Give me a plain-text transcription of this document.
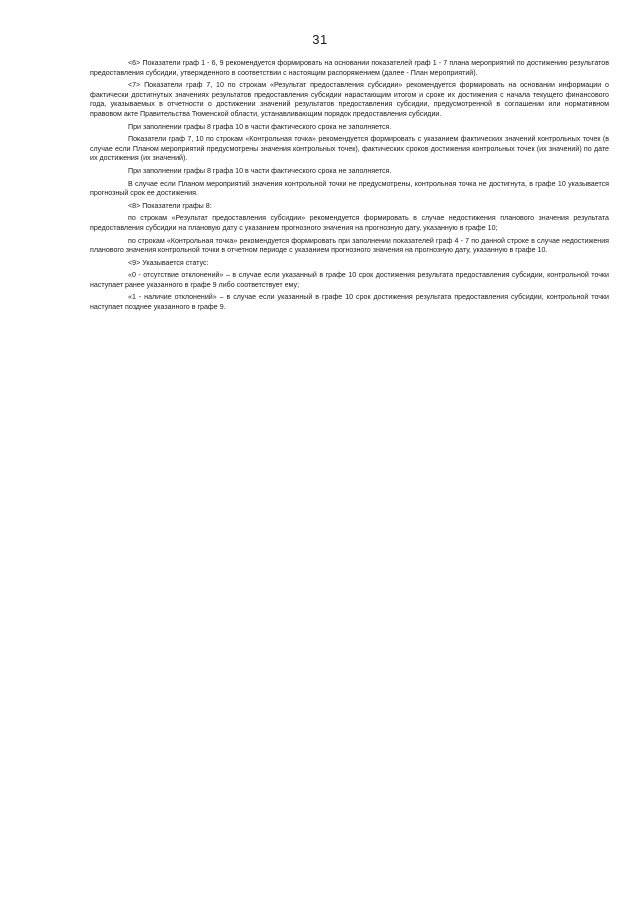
31

<6> Показатели граф 1 - 6, 9 рекомендуется формировать на основании показателей граф 1 - 7 плана мероприятий по достижению результатов предоставления субсидии, утвержденного в соответствии с настоящим распоряжением (далее - План мероприятий).

<7> Показатели граф 7, 10 по строкам «Результат предоставления субсидии» рекомендуется формировать на основании информации о фактически достигнутых значениях результатов предоставления субсидии нарастающим итогом и сроке их достижения с начала текущего финансового года, указываемых в отчетности о достижении значений результатов предоставления субсидии, предусмотренной в соглашении или нормативном правовом акте Правительства Тюменской области, устанавливающим порядок предоставления субсидии.

При заполнении графы 8 графа 10 в части фактического срока не заполняется.

Показатели граф 7, 10 по строкам «Контрольная точка» рекомендуется формировать с указанием фактических значений контрольных точек (в случае если Планом мероприятий предусмотрены значения контрольных точек), фактических сроков достижения контрольных точек (их значений) по дате их достижения (их значений).

При заполнении графы 8 графа 10 в части фактического срока не заполняется.

В случае если Планом мероприятий значения контрольной точки не предусмотрены, контрольная точка не достигнута, в графе 10 указывается прогнозный срок ее достижения.

<8> Показатели графы 8:

по строкам «Результат предоставления субсидии» рекомендуется формировать в случае недостижения планового значения результата предоставления субсидии на плановую дату с указанием прогнозного значения на прогнозную дату, указанную в графе 10;

по строкам «Контрольная точка» рекомендуется формировать при заполнении показателей граф 4 - 7 по данной строке в случае недостижения планового значения контрольной точки в отчетном периоде с указанием прогнозного значения на прогнозную дату, указанную в графе 10.

<9> Указывается статус:

«0 - отсутствие отклонений» – в случае если указанный в графе 10 срок достижения результата предоставления субсидии, контрольной точки наступает ранее указанного в графе 9 либо соответствует ему;

«1 - наличие отклонений» – в случае если указанный в графе 10 срок достижения результата предоставления субсидии, контрольной точки наступает позднее указанного в графе 9.
